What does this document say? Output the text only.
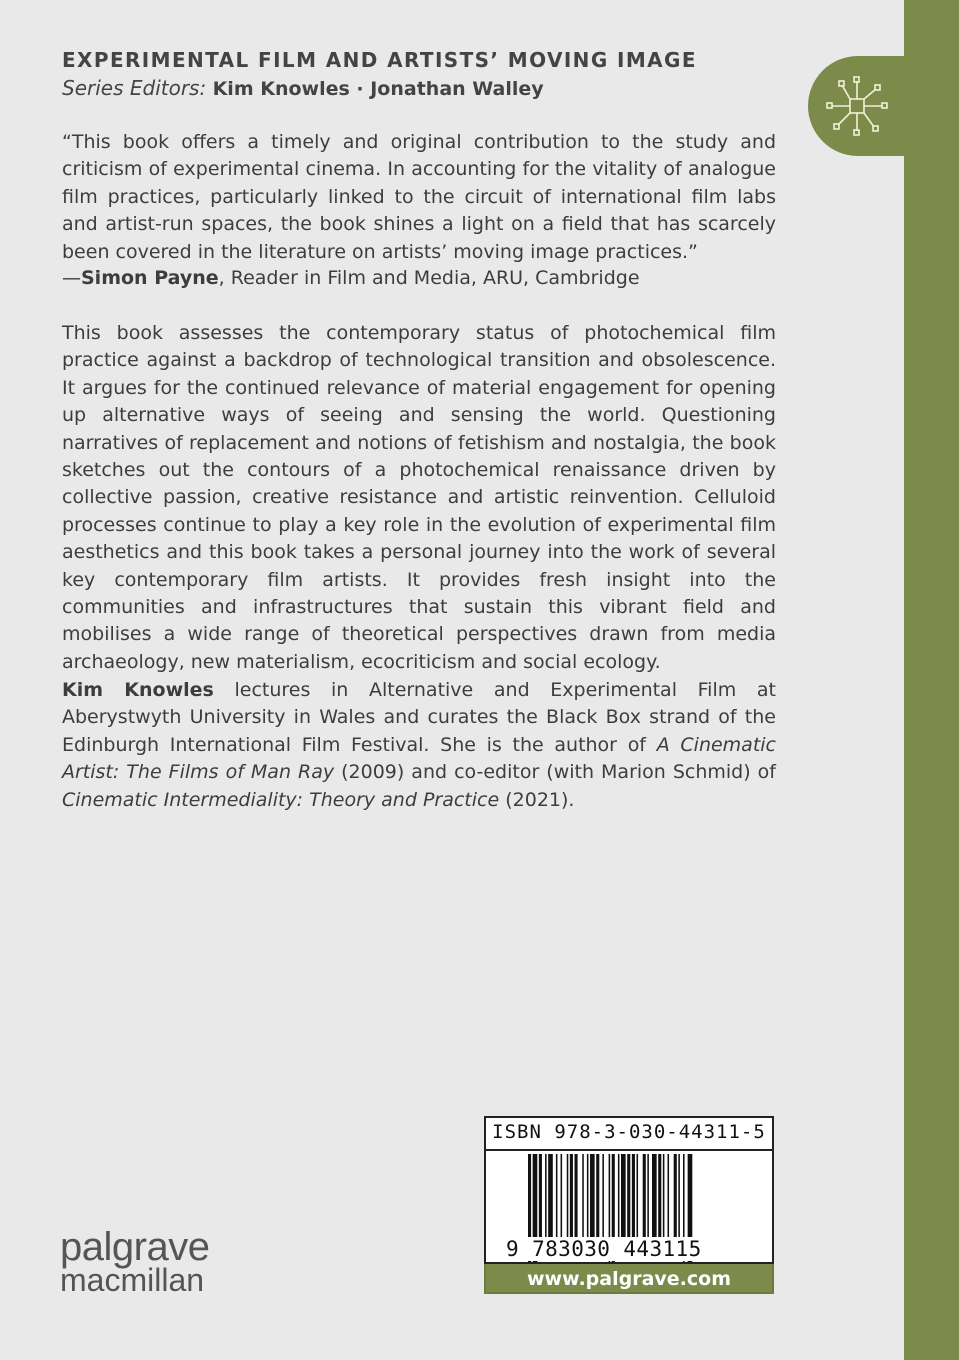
EXPERIMENTAL FILM AND ARTISTS’ MOVING IMAGE

Series Editors: Kim Knowles · Jonathan Walley

“This book offers a timely and original contribution to the study and criticism of experimental cinema. In accounting for the vitality of analogue film practices, particularly linked to the circuit of international film labs and artist-run spaces, the book shines a light on a field that has scarcely been covered in the literature on artists’ moving image practices.”

—Simon Payne, Reader in Film and Media, ARU, Cambridge

This book assesses the contemporary status of photochemical film practice against a backdrop of technological transition and obsolescence. It argues for the continued relevance of material engagement for opening up alternative ways of seeing and sensing the world. Questioning narratives of replacement and notions of fetishism and nostalgia, the book sketches out the contours of a photochemical renaissance driven by collective passion, creative resistance and artistic reinvention. Celluloid processes continue to play a key role in the evolution of experimental film aesthetics and this book takes a personal journey into the work of several key contemporary film artists. It provides fresh insight into the communities and infrastructures that sustain this vibrant field and mobilises a wide range of theoretical perspectives drawn from media archaeology, new materialism, ecocriticism and social ecology.

Kim Knowles lectures in Alternative and Experimental Film at Aberystwyth University in Wales and curates the Black Box strand of the Edinburgh International Film Festival. She is the author of A Cinematic Artist: The Films of Man Ray (2009) and co-editor (with Marion Schmid) of Cinematic Intermediality: Theory and Practice (2021).

ISBN 978-3-030-44311-5
9 783030 443115
www.palgrave.com
palgrave
macmillan
